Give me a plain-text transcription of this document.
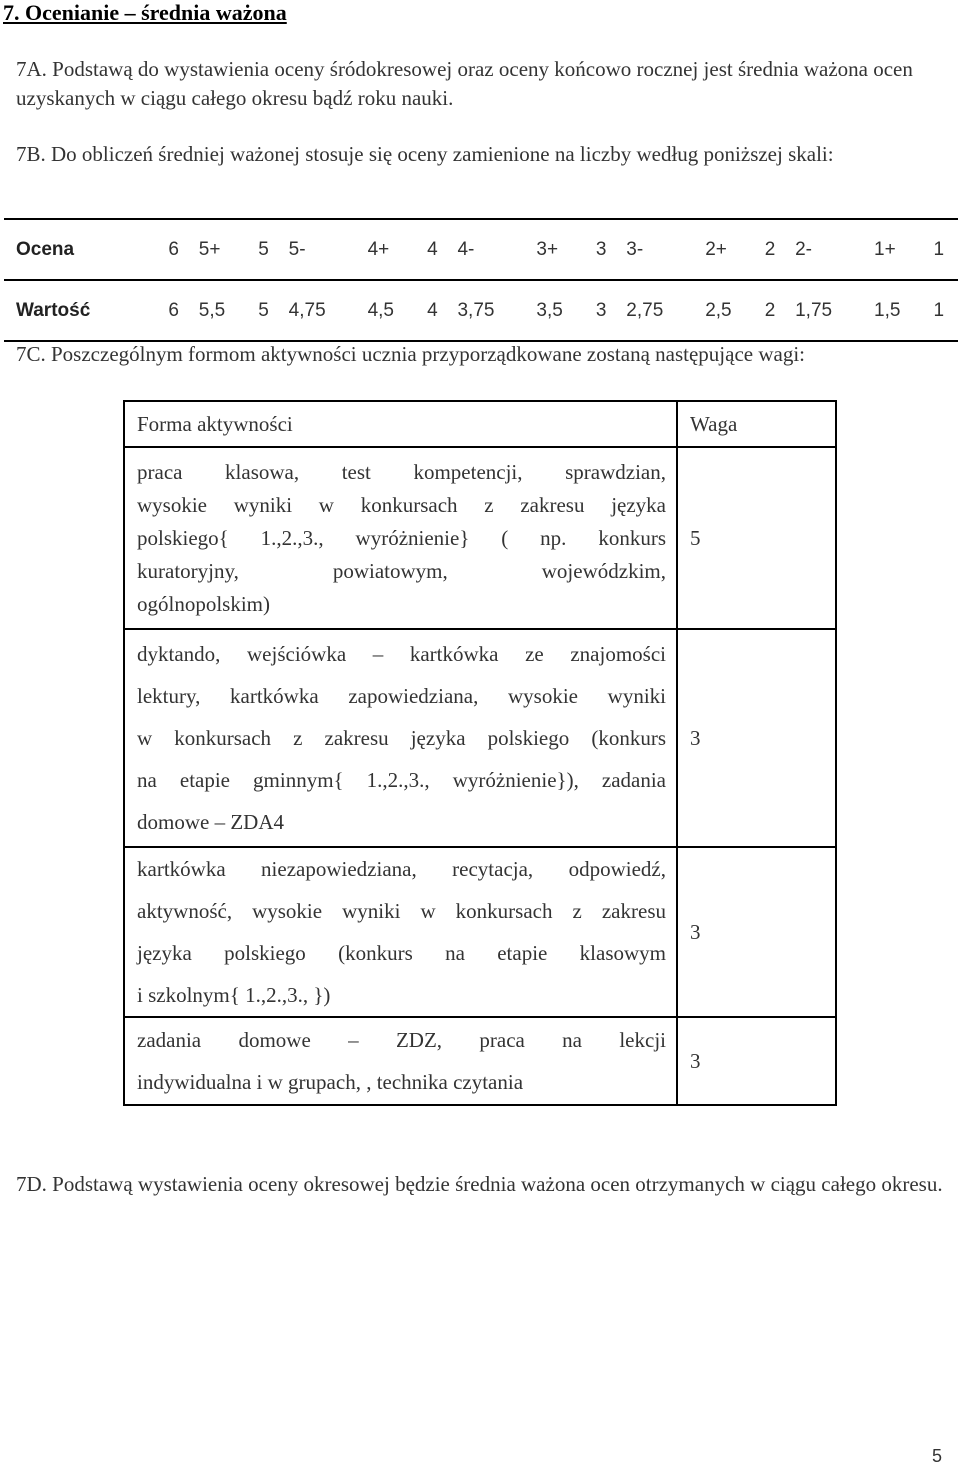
7. Ocenianie – średnia ważona

7A. Podstawą do wystawienia oceny śródokresowej oraz oceny końcowo rocznej jest średnia ważona ocen uzyskanych w ciągu całego okresu bądź roku nauki.

7B. Do obliczeń średniej ważonej stosuje się oceny zamienione na liczby według poniższej skali:

Ocena	6	5+	5	5-	4+	4	4-	3+	3	3-	2+	2	2-	1+	1
Wartość	6	5,5	5	4,75	4,5	4	3,75	3,5	3	2,75	2,5	2	1,75	1,5	1

7C. Poszczególnym formom aktywności ucznia przyporządkowane zostaną następujące wagi:

Forma aktywności	Waga

praca klasowa, test kompetencji, sprawdzian,
wysokie wyniki w konkursach z zakresu języka
polskiego{ 1.,2.,3., wyróżnienie} ( np. konkurs
kuratoryjny, powiatowym, wojewódzkim,
ogólnopolskim)	5

dyktando, wejściówka – kartkówka ze znajomości
lektury, kartkówka zapowiedziana, wysokie wyniki
w konkursach z zakresu języka polskiego (konkurs
na etapie gminnym{ 1.,2.,3., wyróżnienie}), zadania
domowe – ZDA4	3

kartkówka niezapowiedziana, recytacja, odpowiedź,
aktywność, wysokie wyniki w konkursach z zakresu
języka polskiego (konkurs na etapie klasowym
i szkolnym{ 1.,2.,3., })	3

zadania domowe – ZDZ, praca na lekcji
indywidualna i w grupach, , technika czytania	3

7D. Podstawą wystawienia oceny okresowej będzie średnia ważona ocen otrzymanych w ciągu całego okresu.

5
